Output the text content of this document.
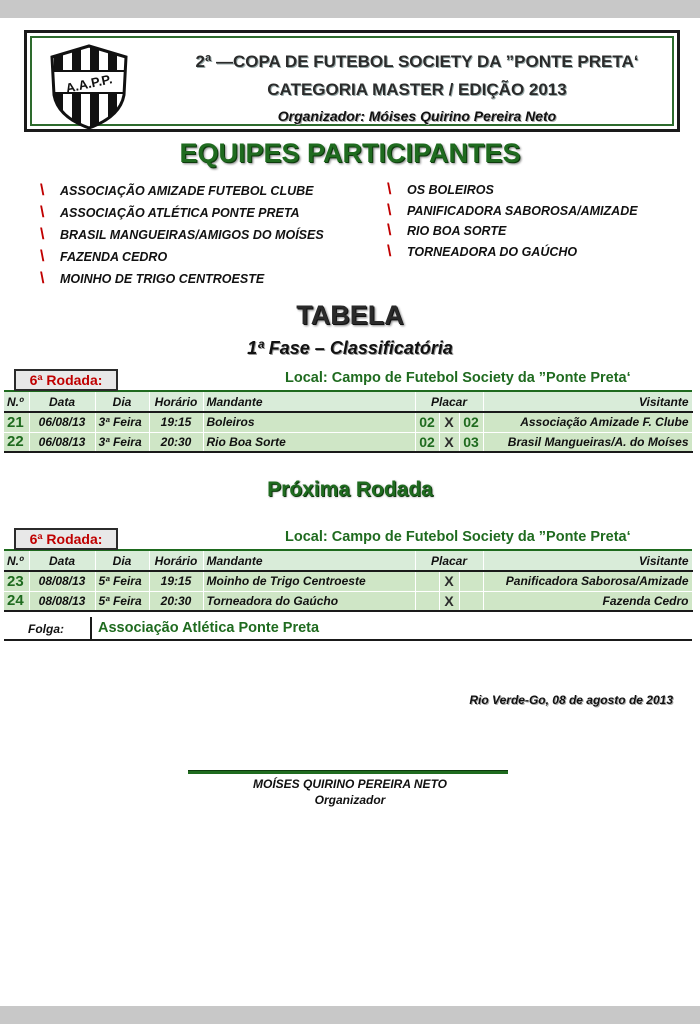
A.A.P.P.
2ª —COPA DE FUTEBOL SOCIETY DA ”PONTE PRETA‘
CATEGORIA MASTER / EDIÇÃO 2013
Organizador: Móises Quirino Pereira Neto
EQUIPES PARTICIPANTES
\	ASSOCIAÇÃO AMIZADE FUTEBOL CLUBE
\	ASSOCIAÇÃO ATLÉTICA PONTE PRETA
\	BRASIL MANGUEIRAS/AMIGOS DO MOÍSES
\	FAZENDA CEDRO
\	MOINHO DE TRIGO CENTROESTE
\	OS BOLEIROS
\	PANIFICADORA SABOROSA/AMIZADE
\	RIO BOA SORTE
\	TORNEADORA DO GAÚCHO
TABELA
1ª Fase – Classificatória
6ª Rodada:	Local: Campo de Futebol Society da ”Ponte Preta‘
N.º	Data	Dia	Horário	Mandante	Placar			Visitante
21	06/08/13	3ª Feira	19:15	Boleiros	02	X	02	Associação Amizade F. Clube
22	06/08/13	3ª Feira	20:30	Rio Boa Sorte	02	X	03	Brasil Mangueiras/A. do Moíses
Próxima Rodada
6ª Rodada:	Local: Campo de Futebol Society da ”Ponte Preta‘
N.º	Data	Dia	Horário	Mandante	Placar			Visitante
23	08/08/13	5ª Feira	19:15	Moinho de Trigo Centroeste		X		Panificadora Saborosa/Amizade
24	08/08/13	5ª Feira	20:30	Torneadora do Gaúcho		X		Fazenda Cedro
Folga: Associação Atlética Ponte Preta
Rio Verde-Go, 08 de agosto de 2013
MOÍSES QUIRINO PEREIRA NETO
Organizador
